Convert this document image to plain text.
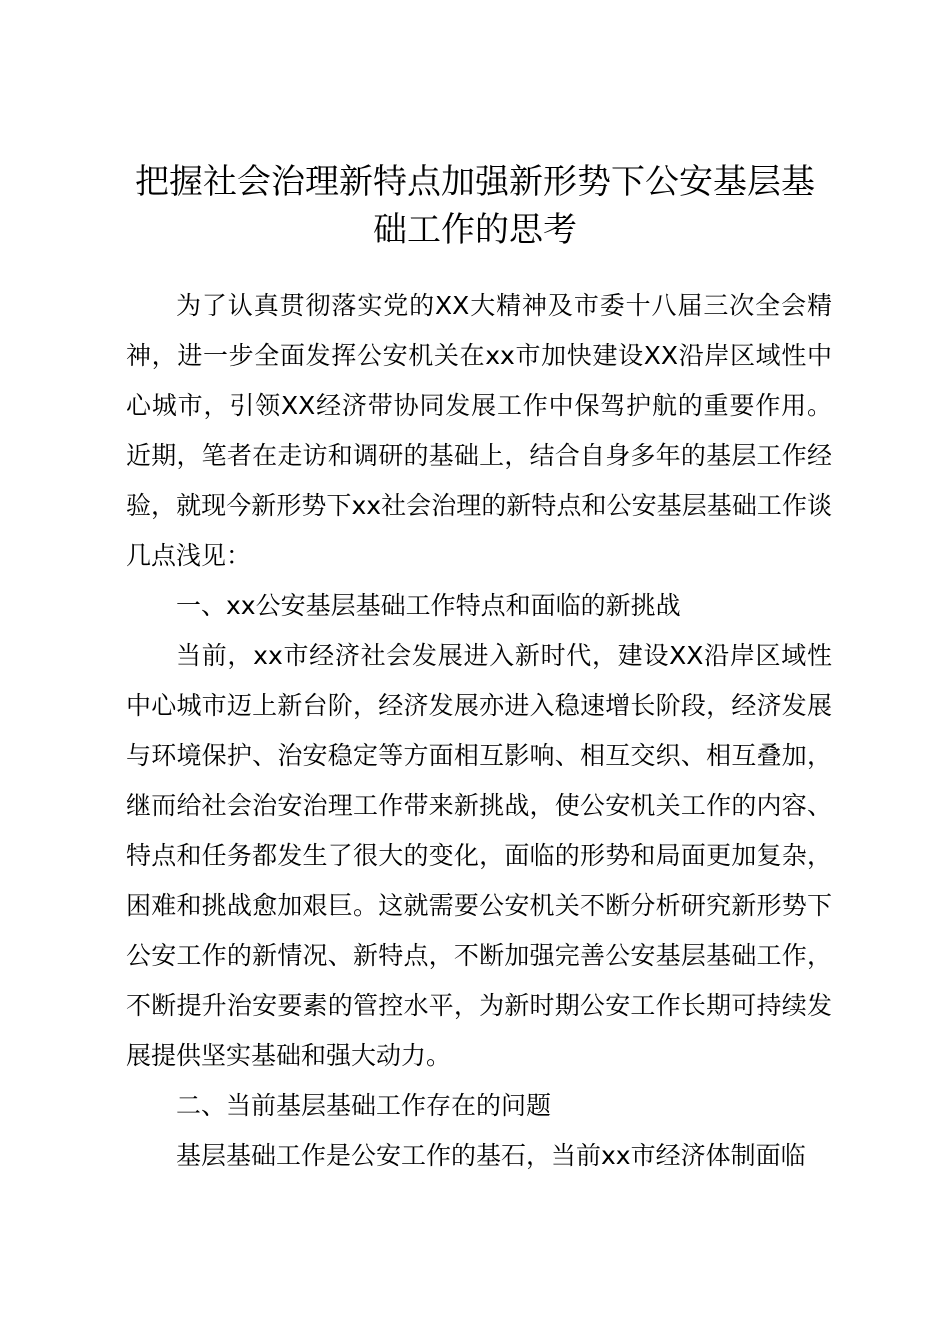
把握社会治理新特点加强新形势下公安基层基础工作的思考

为了认真贯彻落实党的XX大精神及市委十八届三次全会精神，进一步全面发挥公安机关在xx市加快建设XX沿岸区域性中心城市，引领XX经济带协同发展工作中保驾护航的重要作用。近期，笔者在走访和调研的基础上，结合自身多年的基层工作经验，就现今新形势下xx社会治理的新特点和公安基层基础工作谈几点浅见：

一、xx公安基层基础工作特点和面临的新挑战

当前，xx市经济社会发展进入新时代，建设XX沿岸区域性中心城市迈上新台阶，经济发展亦进入稳速增长阶段，经济发展与环境保护、治安稳定等方面相互影响、相互交织、相互叠加，继而给社会治安治理工作带来新挑战，使公安机关工作的内容、特点和任务都发生了很大的变化，面临的形势和局面更加复杂，困难和挑战愈加艰巨。这就需要公安机关不断分析研究新形势下公安工作的新情况、新特点，不断加强完善公安基层基础工作，不断提升治安要素的管控水平，为新时期公安工作长期可持续发展提供坚实基础和强大动力。

二、当前基层基础工作存在的问题

基层基础工作是公安工作的基石，当前xx市经济体制面临
